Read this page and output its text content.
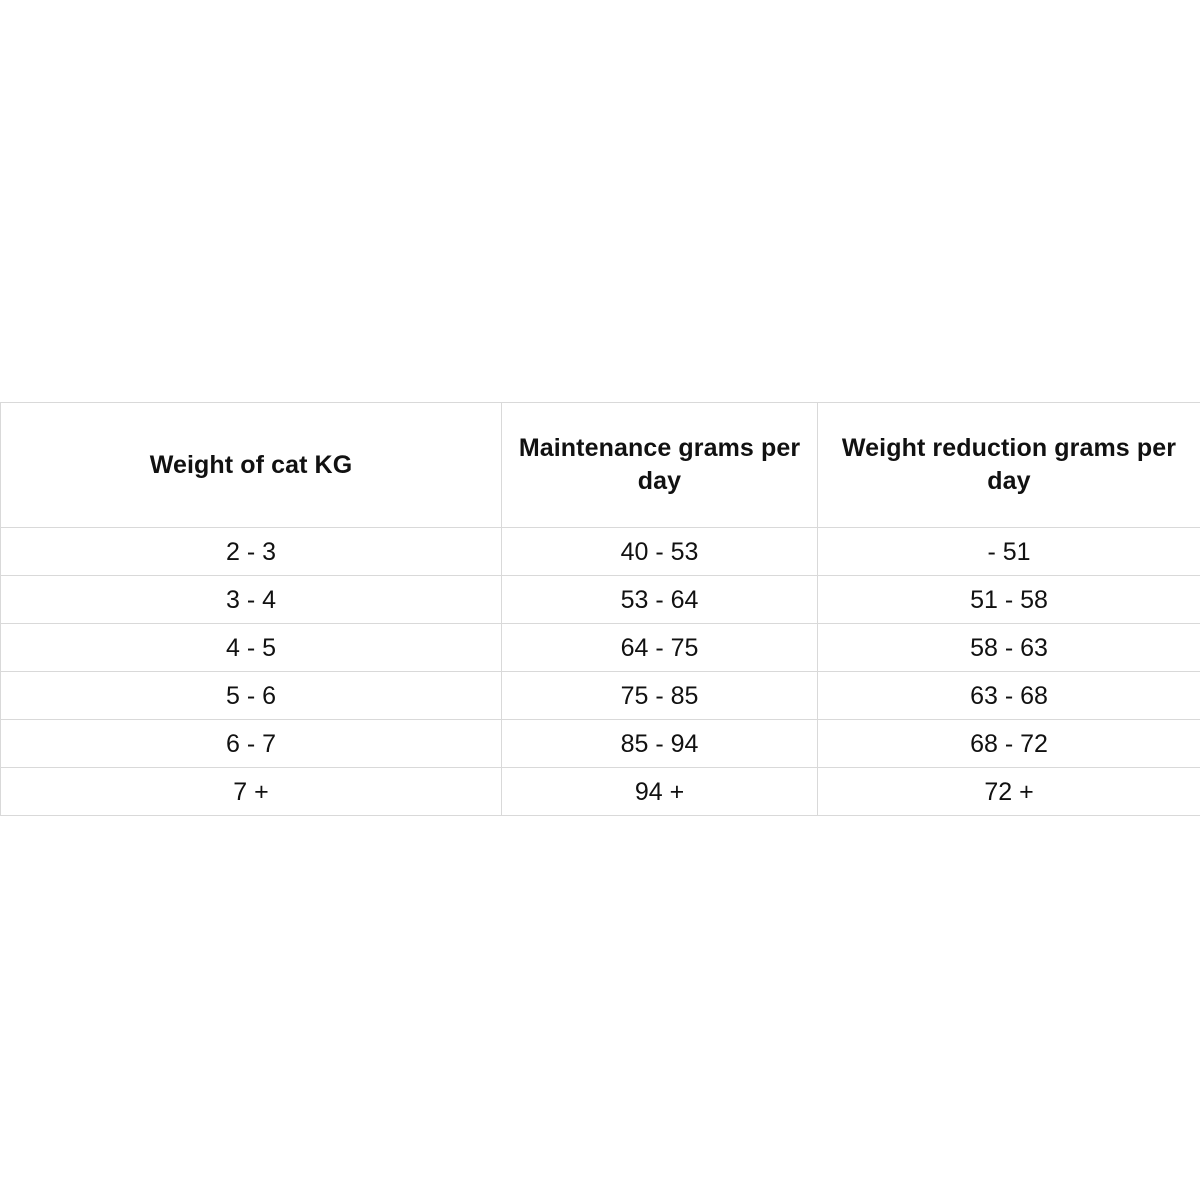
Weight of cat KG	Maintenance grams per day	Weight reduction grams per day
2 - 3	40 - 53	- 51
3 - 4	53 - 64	51 - 58
4 - 5	64 - 75	58 - 63
5 - 6	75 - 85	63 - 68
6 - 7	85 - 94	68 - 72
7 +	94 +	72 +
